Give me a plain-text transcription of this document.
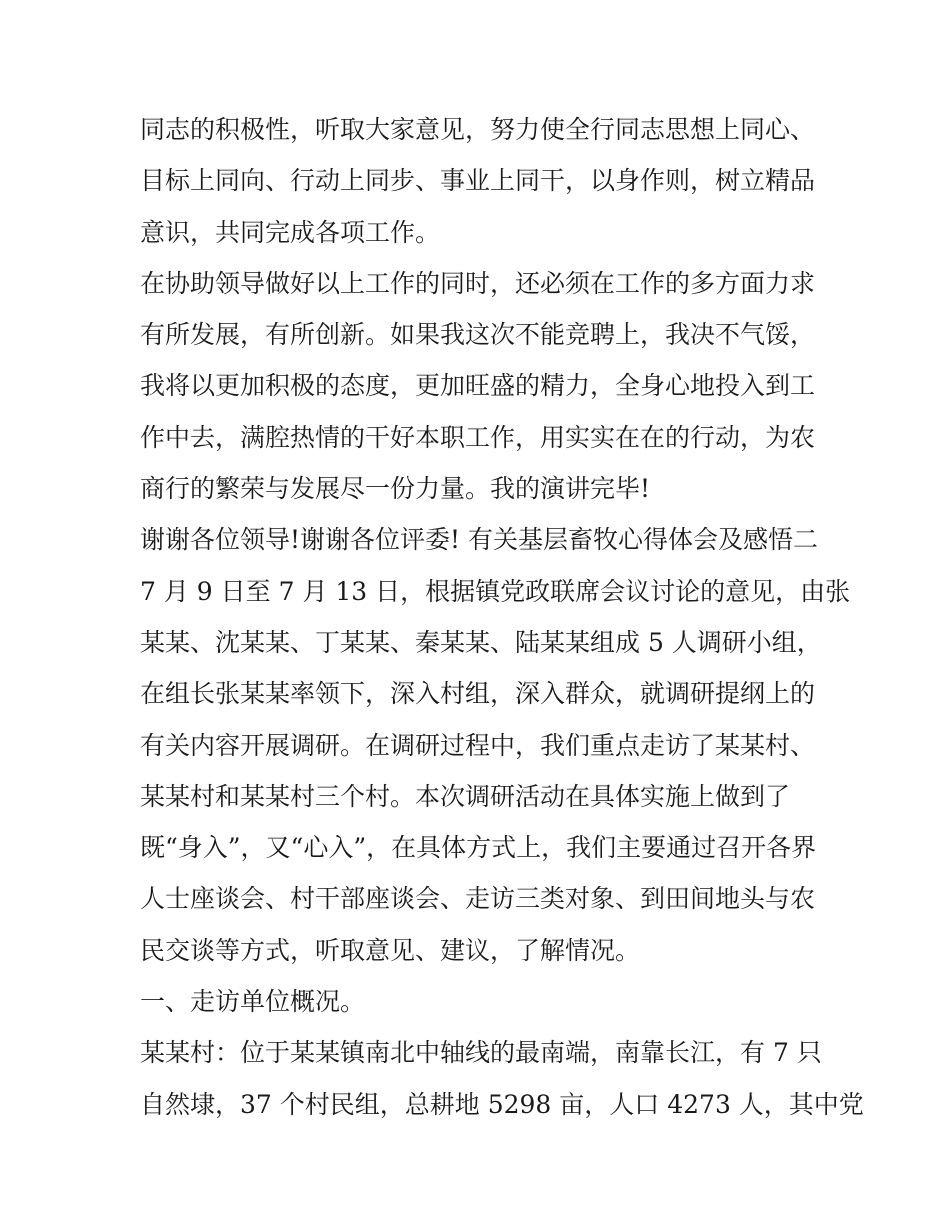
同志的积极性，听取大家意见，努力使全行同志思想上同心、
目标上同向、行动上同步、事业上同干，以身作则，树立精品
意识，共同完成各项工作。
在协助领导做好以上工作的同时，还必须在工作的多方面力求
有所发展，有所创新。如果我这次不能竞聘上，我决不气馁，
我将以更加积极的态度，更加旺盛的精力，全身心地投入到工
作中去，满腔热情的干好本职工作，用实实在在的行动，为农
商行的繁荣与发展尽一份力量。我的演讲完毕!
谢谢各位领导!谢谢各位评委! 有关基层畜牧心得体会及感悟二
7 月 9 日至 7 月 13 日，根据镇党政联席会议讨论的意见，由张
某某、沈某某、丁某某、秦某某、陆某某组成 5 人调研小组，
在组长张某某率领下，深入村组，深入群众，就调研提纲上的
有关内容开展调研。在调研过程中，我们重点走访了某某村、
某某村和某某村三个村。本次调研活动在具体实施上做到了
既“身入”，又“心入”，在具体方式上，我们主要通过召开各界
人士座谈会、村干部座谈会、走访三类对象、到田间地头与农
民交谈等方式，听取意见、建议，了解情况。
一、走访单位概况。
某某村：位于某某镇南北中轴线的最南端，南靠长江，有 7 只
自然埭，37 个村民组，总耕地 5298 亩，人口 4273 人，其中党
